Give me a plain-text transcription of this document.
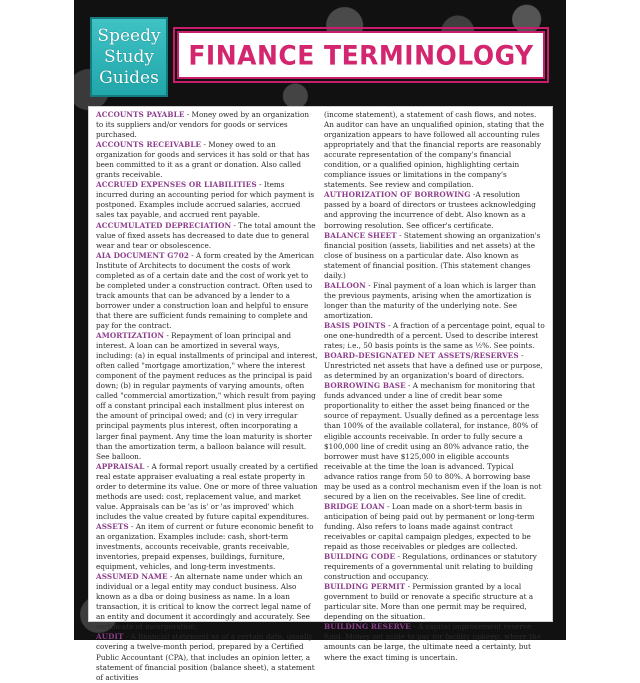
Speedy
Study
Guides
FINANCE TERMINOLOGY

ACCOUNTS PAYABLE - Money owed by an organization to its suppliers and/or vendors for goods or services purchased.

ACCOUNTS RECEIVABLE - Money owed to an organization for goods and services it has sold or that has been committed to it as a grant or donation. Also called grants receivable.

ACCRUED EXPENSES OR LIABILITIES - Items incurred during an accounting period for which payment is postponed. Examples include accrued salaries, accrued sales tax payable, and accrued rent payable.

ACCUMULATED DEPRECIATION - The total amount the value of fixed assets has decreased to date due to general wear and tear or obsolescence.

AIA DOCUMENT G702 - A form created by the American Institute of Architects to document the costs of work completed as of a certain date and the cost of work yet to be completed under a construction contract. Often used to track amounts that can be advanced by a lender to a borrower under a construction loan and helpful to ensure that there are sufficient funds remaining to complete and pay for the contract.

AMORTIZATION - Repayment of loan principal and interest. A loan can be amortized in several ways, including: (a) in equal installments of principal and interest, often called "mortgage amortization," where the interest component of the payment reduces as the principal is paid down; (b) in regular payments of varying amounts, often called "commercial amortization," which result from paying off a constant principal each installment plus interest on the amount of principal owed; and (c) in very irregular principal payments plus interest, often incorporating a larger final payment. Any time the loan maturity is shorter than the amortization term, a balloon balance will result. See balloon.

APPRAISAL - A formal report usually created by a certified real estate appraiser evaluating a real estate property in order to determine its value. One or more of three valuation methods are used: cost, replacement value, and market value. Appraisals can be 'as is' or 'as improved' which includes the value created by future capital expenditures.

ASSETS - An item of current or future economic benefit to an organization. Examples include: cash, short-term investments, accounts receivable, grants receivable, inventories, prepaid expenses, buildings, furniture, equipment, vehicles, and long-term investments.

ASSUMED NAME - An alternate name under which an individual or a legal entity may conduct business. Also known as a dba or doing business as name. In a loan transaction, it is critical to know the correct legal name of an entity and document it accordingly and accurately. See certificate of incorporation.

AUDIT - A financial statement as of a certain date, usually covering a twelve-month period, prepared by a Certified Public Accountant (CPA), that includes an opinion letter, a statement of financial position (balance sheet), a statement of activities

(income statement), a statement of cash flows, and notes. An auditor can have an unqualified opinion, stating that the organization appears to have followed all accounting rules appropriately and that the financial reports are reasonably accurate representation of the company's financial condition, or a qualified opinion, highlighting certain compliance issues or limitations in the company's statements. See review and compilation.

AUTHORIZATION OF BORROWING -A resolution passed by a board of directors or trustees acknowledging and approving the incurrence of debt. Also known as a borrowing resolution. See officer's certificate.

BALANCE SHEET - Statement showing an organization's financial position (assets, liabilities and net assets) at the close of business on a particular date. Also known as statement of financial position. (This statement changes daily.)

BALLOON - Final payment of a loan which is larger than the previous payments, arising when the amortization is longer than the maturity of the underlying note. See amortization.

BASIS POINTS - A fraction of a percentage point, equal to one one-hundredth of a percent. Used to describe interest rates; i.e., 50 basis points is the same as ½%. See points.

BOARD-DESIGNATED NET ASSETS/RESERVES - Unrestricted net assets that have a defined use or purpose, as determined by an organization's board of directors.

BORROWING BASE - A mechanism for monitoring that funds advanced under a line of credit bear some proportionality to either the asset being financed or the source of repayment. Usually defined as a percentage less than 100% of the available collateral, for instance, 80% of eligible accounts receivable. In order to fully secure a $100,000 line of credit using an 80% advance ratio, the borrower must have $125,000 in eligible accounts receivable at the time the loan is advanced. Typical advance ratios range from 50 to 80%. A borrowing base may be used as a control mechanism even if the loan is not secured by a lien on the receivables. See line of credit.

BRIDGE LOAN - Loan made on a short-term basis in anticipation of being paid out by permanent or long-term funding. Also refers to loans made against contract receivables or capital campaign pledges, expected to be repaid as those receivables or pledges are collected.

BUILDING CODE - Regulations, ordinances or statutory requirements of a governmental unit relating to building construction and occupancy.

BUILDING PERMIT - Permission granted by a local government to build or renovate a specific structure at a particular site. More than one permit may be required, depending on the situation.

BUILDING RESERVE - A capital improvement reserve fund. Money set aside to pay for facility upkeep, where the amounts can be large, the ultimate need a certainty, but where the exact timing is uncertain.
